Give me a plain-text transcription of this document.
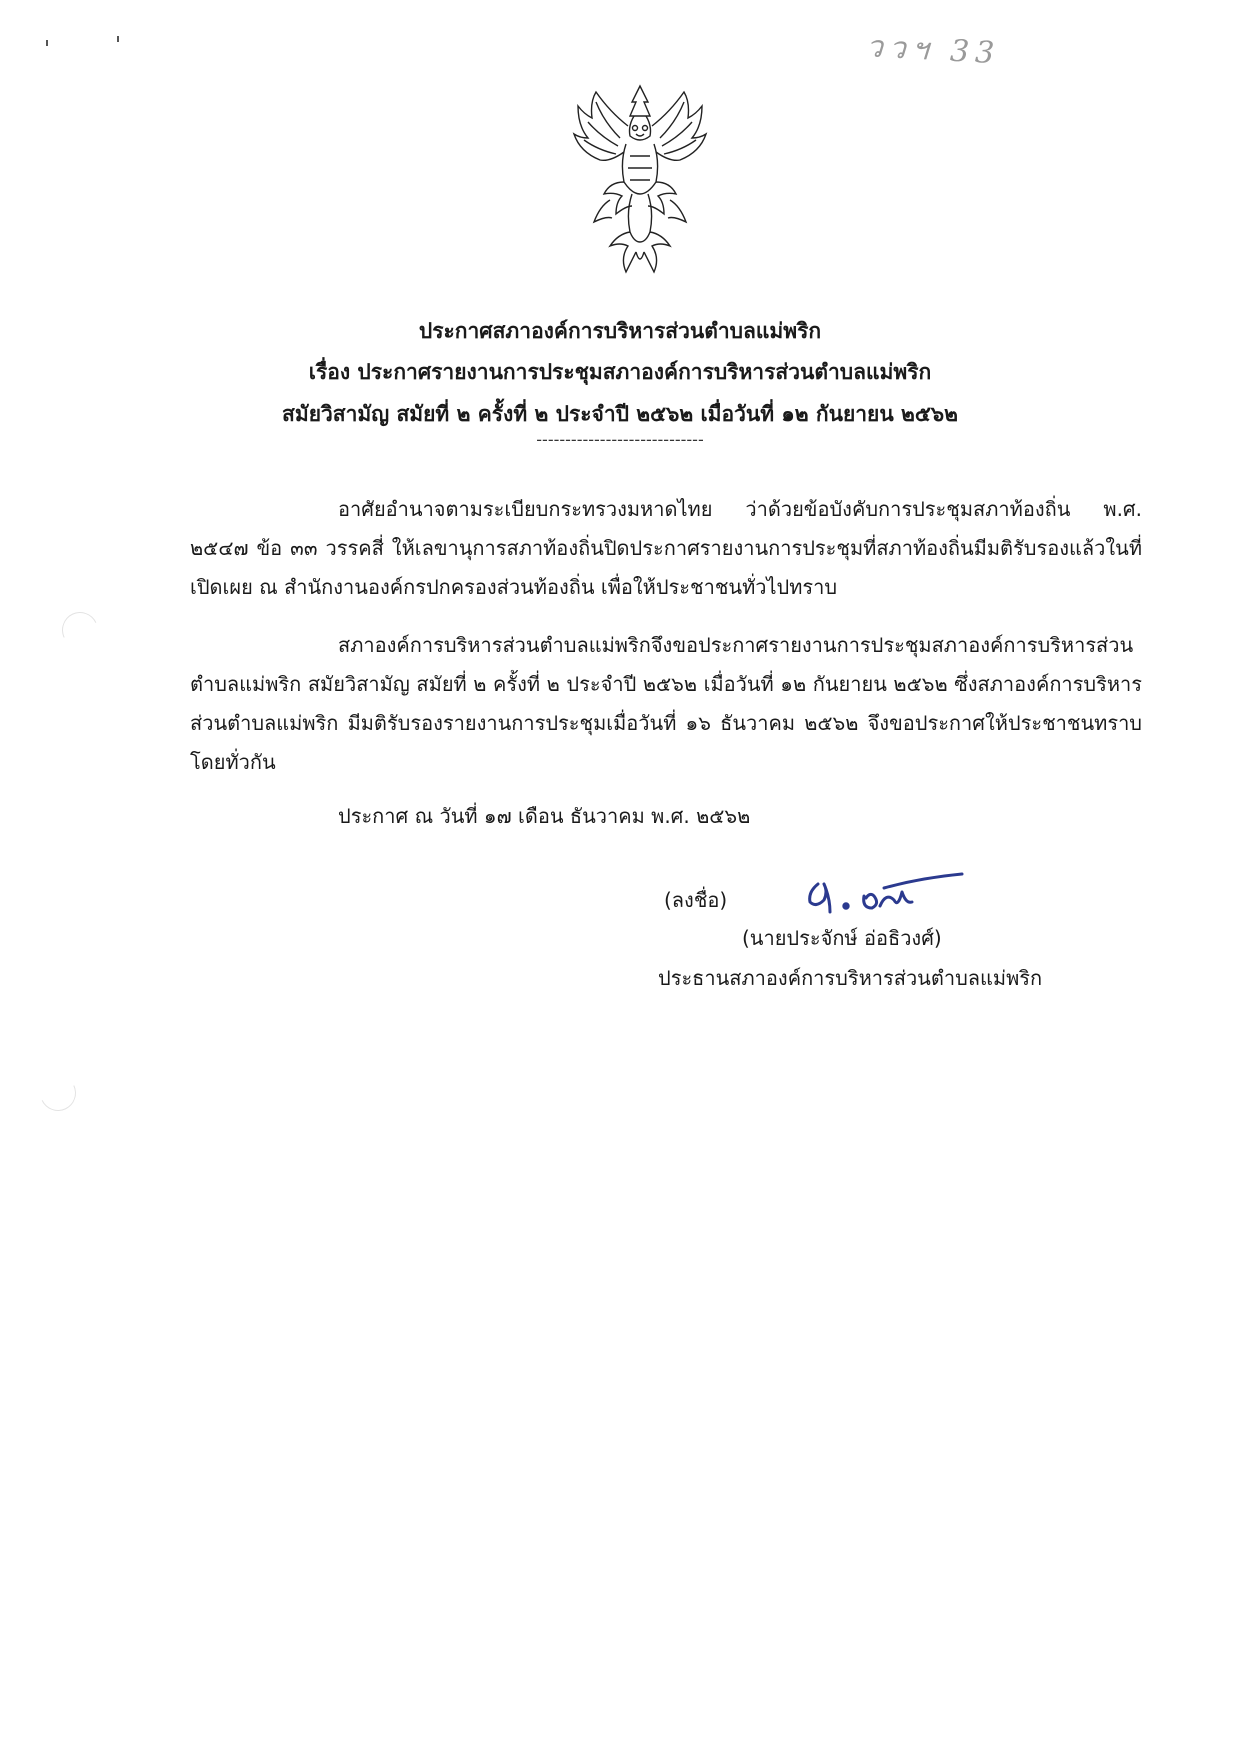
ววฯ 33
ประกาศสภาองค์การบริหารส่วนตำบลแม่พริก
เรื่อง ประกาศรายงานการประชุมสภาองค์การบริหารส่วนตำบลแม่พริก
สมัยวิสามัญ สมัยที่ ๒ ครั้งที่ ๒ ประจำปี ๒๕๖๒ เมื่อวันที่ ๑๒ กันยายน ๒๕๖๒
-----------------------------
อาศัยอำนาจตามระเบียบกระทรวงมหาดไทย ว่าด้วยข้อบังคับการประชุมสภาท้องถิ่น พ.ศ. ๒๕๔๗ ข้อ ๓๓ วรรคสี่ ให้เลขานุการสภาท้องถิ่นปิดประกาศรายงานการประชุมที่สภาท้องถิ่นมีมติรับรองแล้วในที่เปิดเผย ณ สำนักงานองค์กรปกครองส่วนท้องถิ่น เพื่อให้ประชาชนทั่วไปทราบ
สภาองค์การบริหารส่วนตำบลแม่พริกจึงขอประกาศรายงานการประชุมสภาองค์การบริหารส่วนตำบลแม่พริก สมัยวิสามัญ สมัยที่ ๒ ครั้งที่ ๒ ประจำปี ๒๕๖๒ เมื่อวันที่ ๑๒ กันยายน ๒๕๖๒ ซึ่งสภาองค์การบริหารส่วนตำบลแม่พริก มีมติรับรองรายงานการประชุมเมื่อวันที่ ๑๖ ธันวาคม ๒๕๖๒ จึงขอประกาศให้ประชาชนทราบโดยทั่วกัน
ประกาศ ณ วันที่ ๑๗ เดือน ธันวาคม พ.ศ. ๒๕๖๒
(ลงชื่อ)
(นายประจักษ์ อ่อธิวงศ์)
ประธานสภาองค์การบริหารส่วนตำบลแม่พริก
